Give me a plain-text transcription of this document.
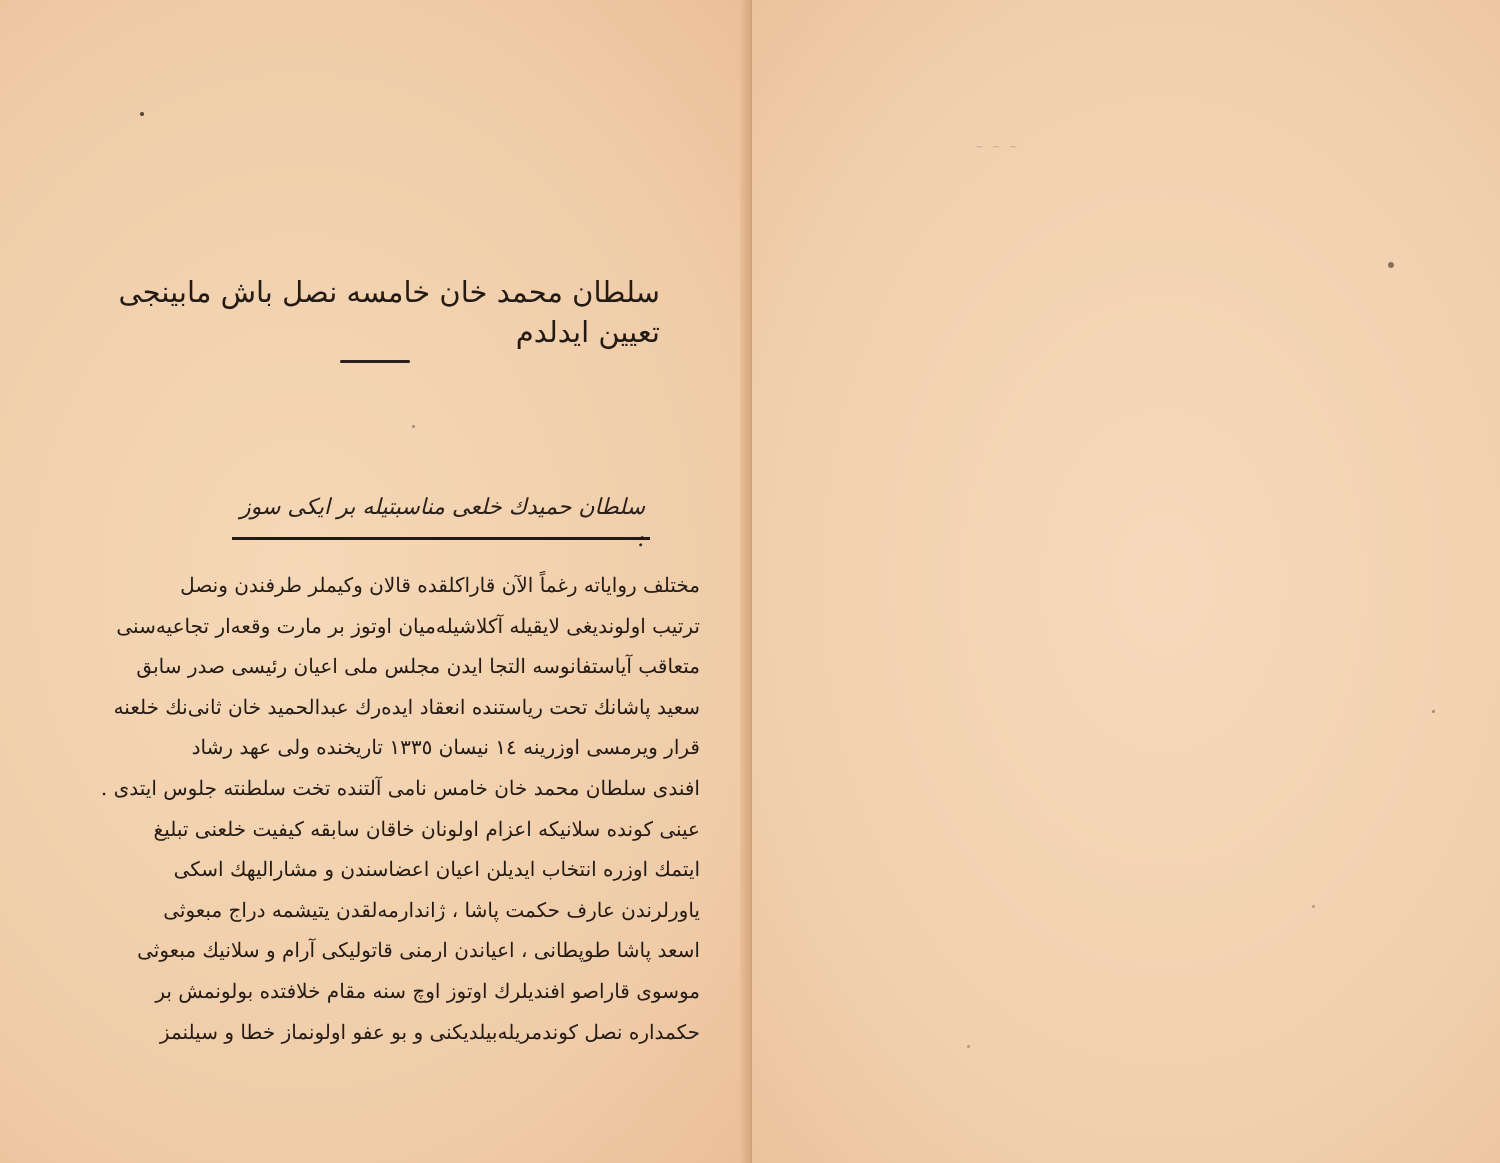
سلطان محمد خان خامسه نصل باش مابینجی تعیین ایدلدم
سلطان حمیدك خلعی مناسبتیله بر ایکی سوز
مختلف روایاته رغماً الآن قاراكلقده قالان وكيملر طرفندن ونصل
ترتیب اولوندیغی لایقیله آكلاشیله‌میان اوتوز بر مارت وقعه‌ار تجاعیه‌سنی
متعاقب آیاستفانوسه التجا ایدن مجلس ملی اعیان رئیسی صدر سابق
سعید پاشانك تحت ریاستنده انعقاد ایده‌رك عبدالحمید خان ثانی‌نك خلعنه
قرار ویرمسی اوزرینه ١٤ نیسان ١٣٣٥ تاریخنده ولی عهد رشاد
افندی سلطان محمد خان خامس نامی آلتنده تخت سلطنته جلوس ایتدی .
عینی كونده سلانیكه اعزام اولونان خاقان سابقه كیفیت خلعنی تبلیغ
ایتمك اوزره انتخاب ایدیلن اعیان اعضاسندن و مشارالیهك اسكی
یاورلرندن عارف حكمت پاشا ، ژاندارمه‌لقدن یتیشمه دراج مبعوثی
اسعد پاشا طوپطانی ، اعیاندن ارمنی قاتولیكی آرام و سلانیك مبعوثی
موسوی قاراصو افندیلرك اوتوز اوچ سنه مقام خلافتده بولونمش بر
حكمداره نصل كوندمریله‌بیلدیكنی و بو عفو اولونماز خطا و سیلنمز
~ ~ ~
